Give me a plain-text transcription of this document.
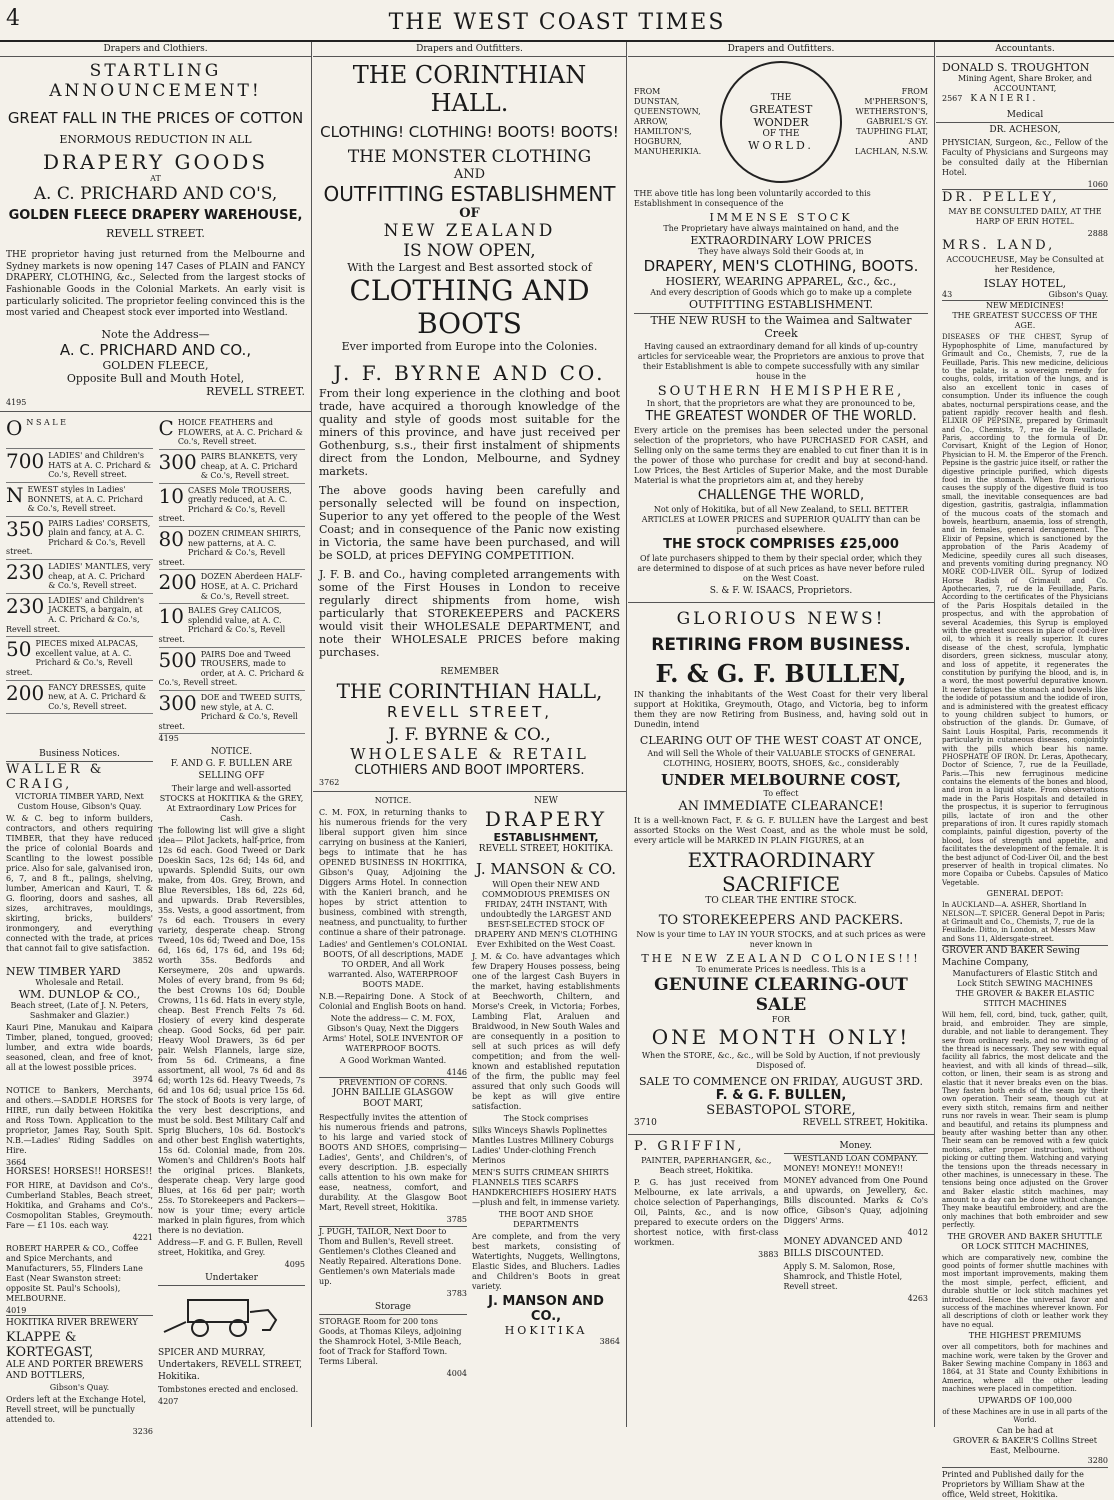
4	THE WEST COAST TIMES
Drapers and Clothiers.
STARTLING ANNOUNCEMENT!
GREAT FALL IN THE PRICES OF COTTON
ENORMOUS REDUCTION IN ALL
DRAPERY GOODS
AT
A. C. PRICHARD AND CO'S,
GOLDEN FLEECE DRAPERY WAREHOUSE,
REVELL STREET.

THE proprietor having just returned from the Melbourne and Sydney markets is now opening 147 Cases of PLAIN and FANCY DRAPERY, CLOTHING, &c., Selected from the largest stocks of Fashionable Goods in the Colonial Markets. An early visit is particularly solicited. The proprietor feeling convinced this is the most varied and Cheapest stock ever imported into Westland.

Note the Address—
A. C. PRICHARD AND CO.,
GOLDEN FLEECE,
Opposite Bull and Mouth Hotel,
REVELL STREET.
4195
O N S A L E
700 LADIES' and Children's HATS at A. C. Prichard & Co.'s, Revell street.
NEWEST styles in Ladies' BONNETS, at A. C. Prichard & Co.'s, Revell street.
350 PAIRS Ladies' CORSETS, plain and fancy, at A. C. Prichard & Co.'s, Revell street.
230 LADIES' MANTLES, very cheap, at A. C. Prichard & Co.'s, Revell street.
230 LADIES' and Children's JACKETS, a bargain, at A. C. Prichard & Co.'s, Revell street.
50 PIECES mixed ALPACAS, excellent value, at A. C. Prichard & Co.'s, Revell street.
200 FANCY DRESSES, quite new, at A. C. Prichard & Co.'s, Revell street.
CHOICE FEATHERS and FLOWERS, at A. C. Prichard & Co.'s, Revell street.
300 PAIRS BLANKETS, very cheap, at A. C. Prichard & Co.'s, Revell street.
10 CASES Mole TROUSERS, greatly reduced, at A. C. Prichard & Co.'s, Revell street.
80 DOZEN CRIMEAN SHIRTS, new patterns, at A. C. Prichard & Co.'s, Revell street.
200 DOZEN Aberdeen HALF-HOSE, at A. C. Prichard & Co.'s, Revell street.
10 BALES Grey CALICOS, splendid value, at A. C. Prichard & Co.'s, Revell street.
500 PAIRS Doe and Tweed TROUSERS, made to order, at A. C. Prichard & Co.'s, Revell street.
300 DOE and TWEED SUITS, new style, at A. C. Prichard & Co.'s, Revell street.
4195
Business Notices.
WALLER & CRAIG,
VICTORIA TIMBER YARD, Next Custom House, Gibson's Quay.

W. & C. beg to inform builders, contractors, and others requiring TIMBER, that they have reduced the price of colonial Boards and Scantling to the lowest possible price. Also for sale, galvanised iron, 6, 7, and 8 ft., palings, shelving, lumber, American and Kauri, T. & G. flooring, doors and sashes, all sizes, architraves, mouldings, skirting, bricks, builders' ironmongery, and everything connected with the trade, at prices that cannot fail to give satisfaction.

3852
NEW TIMBER YARD
Wholesale and Retail.
WM. DUNLOP & CO.,
Beach street, (Late of J. N. Peters, Sashmaker and Glazier.)

Kauri Pine, Manukau and Kaipara Timber, planed, tongued, grooved; lumber, and extra wide boards, seasoned, clean, and free of knot, all at the lowest possible prices.

3974

NOTICE to Bankers, Merchants, and others.—SADDLE HORSES for HIRE, run daily between Hokitika and Ross Town. Application to the proprietor, James Ray, South Spit. N.B.—Ladies' Riding Saddles on Hire.

3664
HORSES! HORSES!! HORSES!!

FOR HIRE, at Davidson and Co's., Cumberland Stables, Beach street, Hokitika, and Grahams and Co's., Cosmopolitan Stables, Greymouth. Fare — £1 10s. each way.

4221

ROBERT HARPER & CO., Coffee and Spice Merchants, and Manufacturers, 55, Flinders Lane East (Near Swanston street: opposite St. Paul's Schools), MELBOURNE.

4019
HOKITIKA RIVER BREWERY
KLAPPE & KORTEGAST,
ALE AND PORTER BREWERS AND BOTTLERS,
Gibson's Quay.

Orders left at the Exchange Hotel, Revell street, will be punctually attended to.

3236
NOTICE.
F. AND G. F. BULLEN ARE SELLING OFF

Their large and well-assorted STOCKS at HOKITIKA & the GREY, At Extraordinary Low Prices for Cash.

The following list will give a slight idea— Pilot Jackets, half-price, from 12s 6d each. Good Tweed or Dark Doeskin Sacs, 12s 6d; 14s 6d, and upwards. Splendid Suits, our own make, from 40s. Grey, Brown, and Blue Reversibles, 18s 6d, 22s 6d, and upwards. Drab Reversibles, 35s. Vests, a good assortment, from 7s 6d each. Trousers in every variety, desperate cheap. Strong Tweed, 10s 6d; Tweed and Doe, 15s 6d, 16s 6d, 17s 6d, and 19s 6d; worth 35s. Bedfords and Kerseymere, 20s and upwards. Moles of every brand, from 9s 6d; the best Crowns 10s 6d; Double Crowns, 11s 6d. Hats in every style, cheap. Best French Felts 7s 6d. Hosiery of every kind desperate cheap. Good Socks, 6d per pair. Heavy Wool Drawers, 3s 6d per pair. Welsh Flannels, large size, from 5s 6d. Crimeans, a fine assortment, all wool, 7s 6d and 8s 6d; worth 12s 6d. Heavy Tweeds, 7s 6d and 10s 6d; usual price 15s 6d. The stock of Boots is very large, of the very best descriptions, and must be sold. Best Military Calf and Sprig Bluchers, 10s 6d. Bostock's and other best English watertights, 15s 6d. Colonial made, from 20s. Women's and Children's Boots half the original prices. Blankets, desperate cheap. Very large good Blues, at 16s 6d per pair; worth 25s. To Storekeepers and Packers—now is your time; every article marked in plain figures, from which there is no deviation.

Address—F. and G. F. Bullen, Revell street, Hokitika, and Grey.

4095
Undertaker

SPICER AND MURRAY, Undertakers, REVELL STREET, Hokitika.

Tombstones erected and enclosed.

4207
Drapers and Outfitters.
THE CORINTHIAN HALL.
CLOTHING! CLOTHING! BOOTS! BOOTS!
THE MONSTER CLOTHING
AND
OUTFITTING ESTABLISHMENT
OF
NEW ZEALAND
IS NOW OPEN,
With the Largest and Best assorted stock of
CLOTHING AND BOOTS
Ever imported from Europe into the Colonies.
J. F. BYRNE AND CO.

From their long experience in the clothing and boot trade, have acquired a thorough knowledge of the quality and style of goods most suitable for the miners of this province, and have just received per Gothenburg, s.s., their first instalment of shipments direct from the London, Melbourne, and Sydney markets.

The above goods having been carefully and personally selected will be found on inspection, Superior to any yet offered to the people of the West Coast; and in consequence of the Panic now existing in Victoria, the same have been purchased, and will be SOLD, at prices DEFYING COMPETITION.

J. F. B. and Co., having completed arrangements with some of the First Houses in London to receive regularly direct shipments from home, wish particularly that STOREKEEPERS and PACKERS would visit their WHOLESALE DEPARTMENT, and note their WHOLESALE PRICES before making purchases.

REMEMBER
THE CORINTHIAN HALL,
REVELL STREET,
J. F. BYRNE & CO.,
WHOLESALE & RETAIL
CLOTHIERS AND BOOT IMPORTERS.
3762
NOTICE.

C. M. FOX, in returning thanks to his numerous friends for the very liberal support given him since carrying on business at the Kanieri, begs to intimate that he has OPENED BUSINESS IN HOKITIKA, Gibson's Quay, Adjoining the Diggers Arms Hotel. In connection with the Kanieri branch, and he hopes by strict attention to business, combined with strength, neatness, and punctuality, to further continue a share of their patronage.

Ladies' and Gentlemen's COLONIAL BOOTS, Of all descriptions, MADE TO ORDER, And all Work warranted. Also, WATERPROOF BOOTS MADE.

N.B.—Repairing Done. A Stock of Colonial and English Boots on hand.

Note the address— C. M. FOX, Gibson's Quay, Next the Diggers Arms' Hotel, SOLE INVENTOR OF WATERPROOF BOOTS.

A Good Workman Wanted.

4146
PREVENTION OF CORNS.
JOHN BAILLIE GLASGOW BOOT MART,

Respectfully invites the attention of his numerous friends and patrons, to his large and varied stock of BOOTS AND SHOES, comprising—Ladies', Gents', and Children's, of every description. J.B. especially calls attention to his own make for ease, neatness, comfort, and durability. At the Glasgow Boot Mart, Revell street, Hokitika.

3785

J. PUGH, TAILOR, Next Door to Thom and Bullen's, Revell street. Gentlemen's Clothes Cleaned and Neatly Repaired. Alterations Done. Gentlemen's own Materials made up.

3783
Storage

STORAGE Room for 200 tons Goods, at Thomas Kileys, adjoining the Shamrock Hotel, 3-Mile Beach, foot of Track for Stafford Town. Terms Liberal.

4004
NEW
DRAPERY
ESTABLISHMENT,
REVELL STREET, HOKITIKA.
J. MANSON & CO.

Will Open their NEW AND COMMODIOUS PREMISES ON FRIDAY, 24TH INSTANT, With undoubtedly the LARGEST AND BEST-SELECTED STOCK OF DRAPERY AND MEN'S CLOTHING Ever Exhibited on the West Coast.

J. M. & Co. have advantages which few Drapery Houses possess, being one of the largest Cash Buyers in the market, having establishments at Beechworth, Chiltern, and Morse's Creek, in Victoria; Forbes, Lambing Flat, Araluen and Braidwood, in New South Wales and are consequently in a position to sell at such prices as will defy competition; and from the well-known and established reputation of the firm, the public may feel assured that only such Goods will be kept as will give entire satisfaction.

The Stock comprises

Silks Winceys Shawls Poplinettes Mantles Lustres Millinery Coburgs Ladies' Under-clothing French Merinos

MEN'S SUITS CRIMEAN SHIRTS FLANNELS TIES SCARFS HANDKERCHIEFS HOSIERY HATS—plush and felt, in immense variety.

THE BOOT AND SHOE DEPARTMENTS

Are complete, and from the very best markets, consisting of Watertights, Nuggets, Wellingtons, Elastic Sides, and Bluchers. Ladies and Children's Boots in great variety.

J. MANSON AND CO.,
HOKITIKA
3864
Drapers and Outfitters.
FROM
DUNSTAN,
QUEENSTOWN,
ARROW,
HAMILTON'S,
HOGBURN,
MANUHERIKIA.
THE
GREATEST WONDER
OF THE
WORLD.
FROM
M'PHERSON'S,
WETHERSTON'S,
GABRIEL'S GY.
TAUPHING FLAT,
AND
LACHLAN, N.S.W.

THE above title has long been voluntarily accorded to this Establishment in consequence of the

IMMENSE STOCK
The Proprietary have always maintained on hand, and the
EXTRAORDINARY LOW PRICES
They have always Sold their Goods at, in
DRAPERY, MEN'S CLOTHING, BOOTS.
HOSIERY, WEARING APPAREL, &c., &c.,
And every description of Goods which go to make up a complete
OUTFITTING ESTABLISHMENT.
THE NEW RUSH to the Waimea and Saltwater Creek

Having caused an extraordinary demand for all kinds of up-country articles for serviceable wear, the Proprietors are anxious to prove that their Establishment is able to compete successfully with any similar house in the

SOUTHERN HEMISPHERE,
In short, that the proprietors are what they are pronounced to be,
THE GREATEST WONDER OF THE WORLD.

Every article on the premises has been selected under the personal selection of the proprietors, who have PURCHASED FOR CASH, and Selling only on the same terms they are enabled to cut finer than it is in the power of those who purchase for credit and buy at second-hand. Low Prices, the Best Articles of Superior Make, and the most Durable Material is what the proprietors aim at, and they hereby

CHALLENGE THE WORLD,

Not only of Hokitika, but of all New Zealand, to SELL BETTER ARTICLES at LOWER PRICES and SUPERIOR QUALITY than can be purchased elsewhere.

THE STOCK COMPRISES £25,000

Of late purchasers shipped to them by their special order, which they are determined to dispose of at such prices as have never before ruled on the West Coast.

S. & F. W. ISAACS, Proprietors.
GLORIOUS NEWS!
RETIRING FROM BUSINESS.
F. & G. F. BULLEN,

IN thanking the inhabitants of the West Coast for their very liberal support at Hokitika, Greymouth, Otago, and Victoria, beg to inform them they are now Retiring from Business, and, having sold out in Dunedin, intend

CLEARING OUT OF THE WEST COAST AT ONCE,

And will Sell the Whole of their VALUABLE STOCKS of GENERAL CLOTHING, HOSIERY, BOOTS, SHOES, &c., considerably

UNDER MELBOURNE COST,
To effect
AN IMMEDIATE CLEARANCE!

It is a well-known Fact, F. & G. F. BULLEN have the Largest and best assorted Stocks on the West Coast, and as the whole must be sold, every article will be MARKED IN PLAIN FIGURES, at an

EXTRAORDINARY SACRIFICE
TO CLEAR THE ENTIRE STOCK.
TO STOREKEEPERS AND PACKERS.

Now is your time to LAY IN YOUR STOCKS, and at such prices as were never known in

THE NEW ZEALAND COLONIES!!!
To enumerate Prices is needless. This is a
GENUINE CLEARING-OUT SALE
FOR
ONE MONTH ONLY!

When the STORE, &c., &c., will be Sold by Auction, if not previously Disposed of.

SALE TO COMMENCE ON FRIDAY, AUGUST 3RD.
F. & G. F. BULLEN,
SEBASTOPOL STORE,
3710	REVELL STREET, Hokitika.
P. GRIFFIN,

PAINTER, PAPERHANGER, &c., Beach street, Hokitika.

P. G. has just received from Melbourne, ex late arrivals, a choice selection of Paperhangings, Oil, Paints, &c., and is now prepared to execute orders on the shortest notice, with first-class workmen.

3883
Money.
WESTLAND LOAN COMPANY.
MONEY! MONEY!! MONEY!!

MONEY advanced from One Pound and upwards, on Jewellery, &c. Bills discounted. Marks & Co's office, Gibson's Quay, adjoining Diggers' Arms.

4012
MONEY ADVANCED AND BILLS DISCOUNTED.

Apply S. M. Salomon, Rose, Shamrock, and Thistle Hotel, Revell street.

4263
Accountants.
DONALD S. TROUGHTON
Mining Agent, Share Broker, and ACCOUNTANT,
2567 KANIERI.
Medical
DR. ACHESON,

PHYSICIAN, Surgeon, &c., Fellow of the Faculty of Physicians and Surgeons may be consulted daily at the Hibernian Hotel.

1060
DR. PELLEY,

MAY BE CONSULTED DAILY, AT THE HARP OF ERIN HOTEL.

2888
MRS. LAND,

ACCOUCHEUSE, May be Consulted at her Residence,

ISLAY HOTEL,
43	Gibson's Quay.
NEW MEDICINES!
THE GREATEST SUCCESS OF THE AGE.

DISEASES OF THE CHEST, Syrup of Hypophosphite of Lime, manufactured by Grimault and Co., Chemists, 7, rue de la Feuillade, Paris. This new medicine, delicious to the palate, is a sovereign remedy for coughs, colds, irritation of the lungs, and is also an excellent tonic in cases of consumption. Under its influence the cough abates, nocturnal perspirations cease, and the patient rapidly recover health and flesh. ELIXIR OF PEPSINE, prepared by Grimault and Co., Chemists, 7, rue de la Feuillade, Paris, according to the formula of Dr. Corvisart, Knight of the Legion of Honor, Physician to H. M. the Emperor of the French. Pepsine is the gastric juice itself, or rather the digestive principle purified, which digests food in the stomach. When from various causes the supply of the digestive fluid is too small, the inevitable consequences are bad digestion, gastritis, gastralgia, inflammation of the mucous coats of the stomach and bowels, heartburn, anaemia, loss of strength, and in females, general derangement. The Elixir of Pepsine, which is sanctioned by the approbation of the Paris Academy of Medicine, speedily cures all such diseases, and prevents vomiting during pregnancy. NO MORE COD-LIVER OIL. Syrup of Iodized Horse Radish of Grimault and Co. Apothecaries, 7, rue de la Feuillade, Paris. According to the certificates of the Physicians of the Paris Hospitals detailed in the prospectus, and with the approbation of several Academies, this Syrup is employed with the greatest success in place of cod-liver oil, to which it is really superior. It cures disease of the chest, scrofula, lymphatic disorders, green sickness, muscular atony, and loss of appetite, it regenerates the constitution by purifying the blood, and is, in a word, the most powerful depurative known. It never fatigues the stomach and bowels like the iodide of potassium and the iodide of iron, and is administered with the greatest efficacy to young children subject to humors, or obstruction of the glands. Dr. Gumave, of Saint Louis Hospital, Paris, recommends it particularly in cutaneous diseases, conjointly with the pills which bear his name. PHOSPHATE OF IRON. Dr. Leras, Apothecary, Doctor of Science, 7, rue de la Feuillade, Paris.—This new ferruginous medicine contains the elements of the bones and blood, and iron in a liquid state. From observations made in the Paris Hospitals and detailed in the prospectus, it is superior to ferruginous pills, lactate of iron and the other preparations of iron. It cures rapidly stomach complaints, painful digestion, poverty of the blood, loss of strength and appetite, and facilitates the development of the female. It is the best adjunct of Cod-Liver Oil, and the best preserver of health in tropical climates. No more Copaiba or Cubebs. Capsules of Matico Vegetable.

GENERAL DEPOT:

In AUCKLAND—A. ASHER, Shortland In NELSON—T. SPICER. General Depot in Paris; at Grimault and Co., Chemists, 7, rue de la Feuillade. Ditto, in London, at Messrs Maw and Sons 11, Aldersgate-street.

GROVER AND BAKER Sewing Machine Company,
Manufacturers of Elastic Stitch and Lock Stitch SEWING MACHINES
THE GROVER & BAKER ELASTIC STITCH MACHINES

Will hem, fell, cord, bind, tuck, gather, quilt, braid, and embroider. They are simple, durable, and not liable to derangement. They sew from ordinary reels, and no rewinding of the thread is necessary. They sew with equal facility all fabrics, the most delicate and the heaviest, and with all kinds of thread—silk, cotton, or linen, their seam is as strong and elastic that it never breaks even on the bias. They fasten both ends of the seam by their own operation. Their seam, though cut at every sixth stitch, remains firm and neither runs nor ravels in wear. Their seam is plump and beautiful, and retains its plumpness and beauty after washing better than any other. Their seam can be removed with a few quick motions, after proper instruction, without picking or cutting them. Watching and varying the tensions upon the threads necessary in other machines, is unnecessary in these. The tensions being once adjusted on the Grover and Baker elastic stitch machines, may amount to a day can be done without change. They make beautiful embroidery, and are the only machines that both embroider and sew perfectly.

THE GROVER AND BAKER SHUTTLE OR LOCK STITCH MACHINES,

which are comparatively new, combine the good points of former shuttle machines with most important improvements, making them the most simple, perfect, efficient, and durable shuttle or lock stitch machines yet introduced. Hence the universal favor and success of the machines wherever known. For all descriptions of cloth or leather work they have no equal.

THE HIGHEST PREMIUMS

over all competitors, both for machines and machine work, were taken by the Grover and Baker Sewing machine Company in 1863 and 1864, at 31 State and County Exhibitions in America, where all the other leading machines were placed in competition.

UPWARDS OF 100,000

of these Machines are in use in all parts of the World.

Can be had at
GROVER & BAKER'S Collins Street East, Melbourne.
3280

Printed and Published daily for the Proprietors by William Shaw at the office, Weld street, Hokitika.
